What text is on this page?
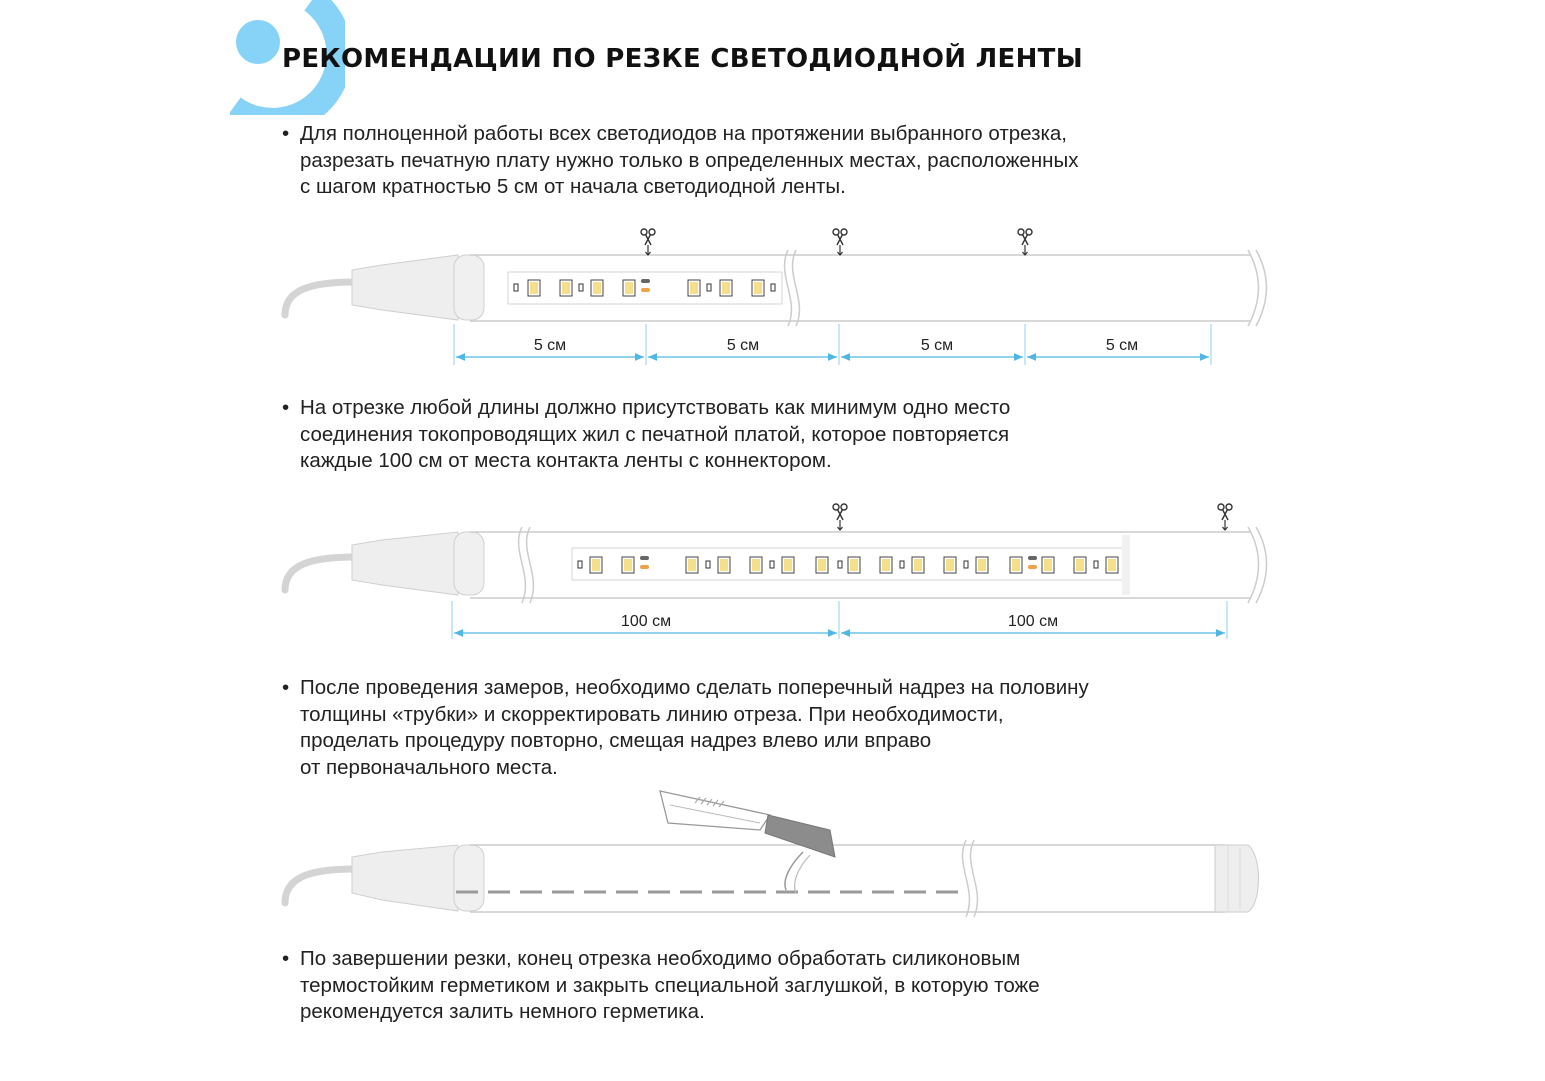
РЕКОМЕНДАЦИИ ПО РЕЗКЕ СВЕТОДИОДНОЙ ЛЕНТЫ
• Для полноценной работы всех светодиодов на протяжении выбранного отрезка,
разрезать печатную плату нужно только в определенных местах, расположенных
с шагом кратностью 5 см от начала светодиодной ленты.
5 см	5 см	5 см	5 см
• На отрезке любой длины должно присутствовать как минимум одно место
соединения токопроводящих жил с печатной платой, которое повторяется
каждые 100 см от места контакта ленты с коннектором.
100 см	100 см
• После проведения замеров, необходимо сделать поперечный надрез на половину
толщины «трубки» и скорректировать линию отреза. При необходимости,
проделать процедуру повторно, смещая надрез влево или вправо
от первоначального места.
• По завершении резки, конец отрезка необходимо обработать силиконовым
термостойким герметиком и закрыть специальной заглушкой, в которую тоже
рекомендуется залить немного герметика.
